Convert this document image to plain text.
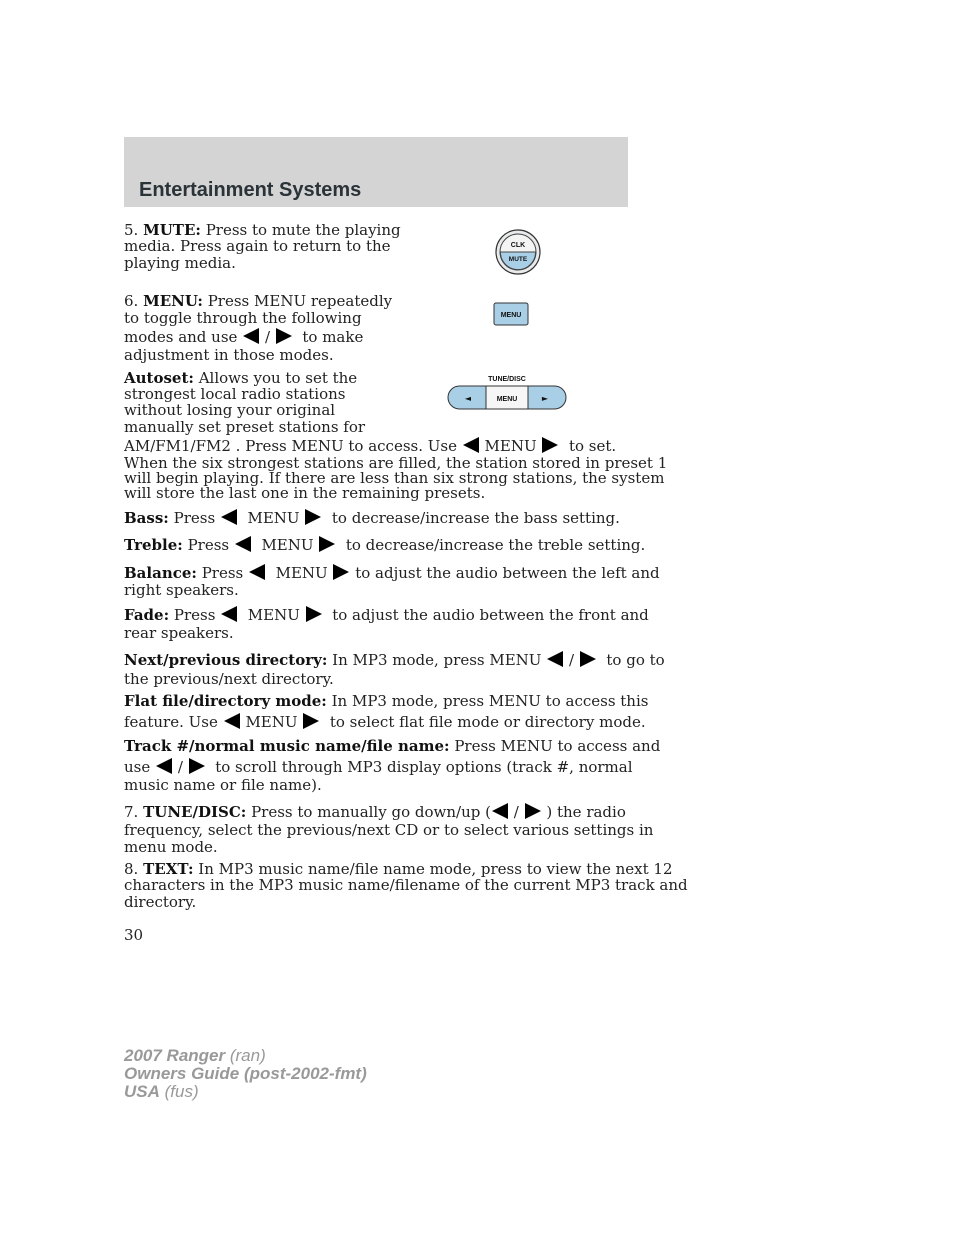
Entertainment Systems
CLK
MUTE
MENU
TUNE/DISC
◄	MENU	►

5. MUTE: Press to mute the playing

media. Press again to return to the

playing media.

6. MENU: Press MENU repeatedly

to toggle through the following

modes and use / to make

adjustment in those modes.

Autoset: Allows you to set the

strongest local radio stations

without losing your original

manually set preset stations for

AM/FM1/FM2 . Press MENU to access. Use MENU to set.

When the six strongest stations are filled, the station stored in preset 1

will begin playing. If there are less than six strong stations, the system

will store the last one in the remaining presets.

Bass: Press MENU to decrease/increase the bass setting.

Treble: Press MENU to decrease/increase the treble setting.

Balance: Press MENU to adjust the audio between the left and

right speakers.

Fade: Press MENU to adjust the audio between the front and

rear speakers.

Next/previous directory: In MP3 mode, press MENU / to go to

the previous/next directory.

Flat file/directory mode: In MP3 mode, press MENU to access this

feature. Use MENU to select flat file mode or directory mode.

Track #/normal music name/file name: Press MENU to access and

use / to scroll through MP3 display options (track #, normal

music name or file name).

7. TUNE/DISC: Press to manually go down/up ( / ) the radio

frequency, select the previous/next CD or to select various settings in

menu mode.

8. TEXT: In MP3 music name/file name mode, press to view the next 12

characters in the MP3 music name/filename of the current MP3 track and

directory.

30
2007 Ranger (ran)
Owners Guide (post-2002-fmt)
USA (fus)
